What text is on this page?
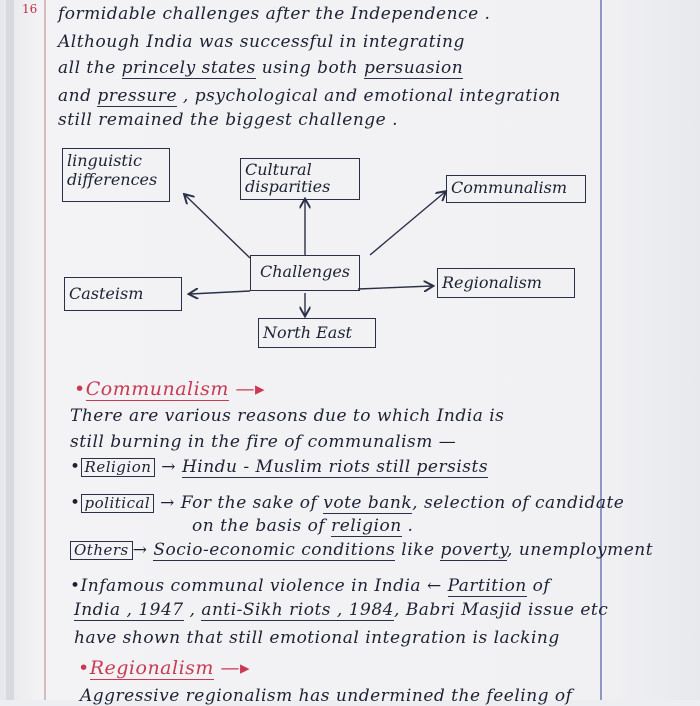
16 formidable challenges after the Independence .
Although India was successful in integrating
all the princely states using both persuasion
and pressure , psychological and emotional integration
still remained the biggest challenge .
linguistic
differences
Cultural
disparities	Communalism
Challenges
Casteism
Regionalism
North East
•Communalism —▸
There are various reasons due to which India is
still burning in the fire of communalism —
• Religion → Hindu - Muslim riots still persists
• political → For the sake of vote bank, selection of candidate
on the basis of religion .
Others → Socio-economic conditions like poverty, unemployment
•Infamous communal violence in India ← Partition of
India , 1947 , anti-Sikh riots , 1984, Babri Masjid issue etc
have shown that still emotional integration is lacking
•Regionalism —▸
Aggressive regionalism has undermined the feeling of
